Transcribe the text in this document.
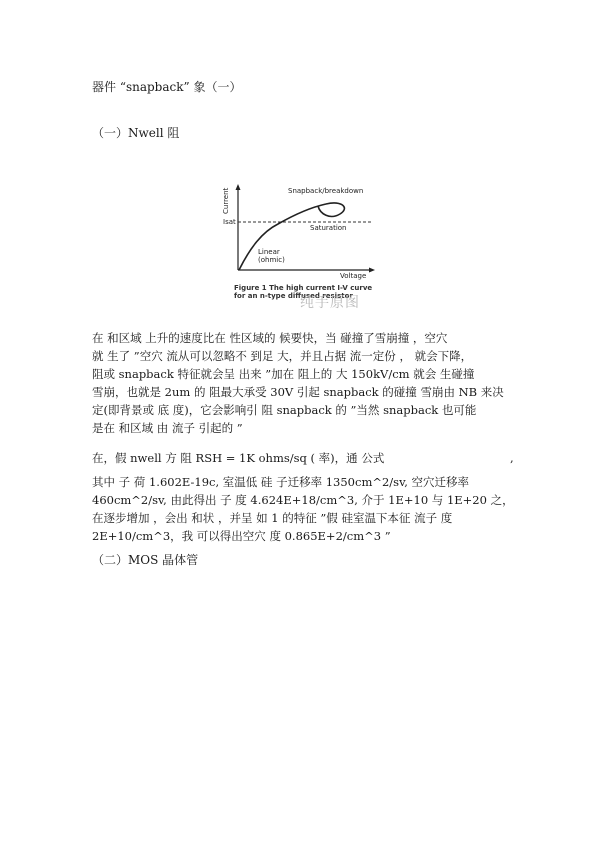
器件 “snapback” 象（一）
（一）Nwell 阻
Current
Isat
Voltage
Snapback/breakdown
Saturation
Linear
(ohmic)
Figure 1 The high current I-V curve
for an n-type diffused resistor
纯手原图
在 和区域 上升的速度比在 性区域的 候要快，当 碰撞了雪崩撞 ，空穴
就 生了 ”空穴 流从可以忽略不 到足 大，并且占据 流一定份 ， 就会下降，
阻或 snapback 特征就会呈 出来 ”加在 阻上的 大 150kV/cm 就会 生碰撞
雪崩，也就是 2um 的 阻最大承受 30V 引起 snapback 的碰撞 雪崩由 NB 来决
定(即背景或 底 度)，它会影响引 阻 snapback 的 ”当然 snapback 也可能
是在 和区域 由 流子 引起的 ”
在，假 nwell 方 阻 RSH = 1K ohms/sq ( 率)，通 公式	,
其中 子 荷 1.602E-19c, 室温低 硅 子迁移率 1350cm^2/sv, 空穴迁移率
460cm^2/sv, 由此得出 子 度 4.624E+18/cm^3, 介于 1E+10 与 1E+20 之，
在逐步增加 ，会出 和状 ，并呈 如 1 的特征 ”假 硅室温下本征 流子 度
2E+10/cm^3，我 可以得出空穴 度 0.865E+2/cm^3 ”
（二）MOS 晶体管
